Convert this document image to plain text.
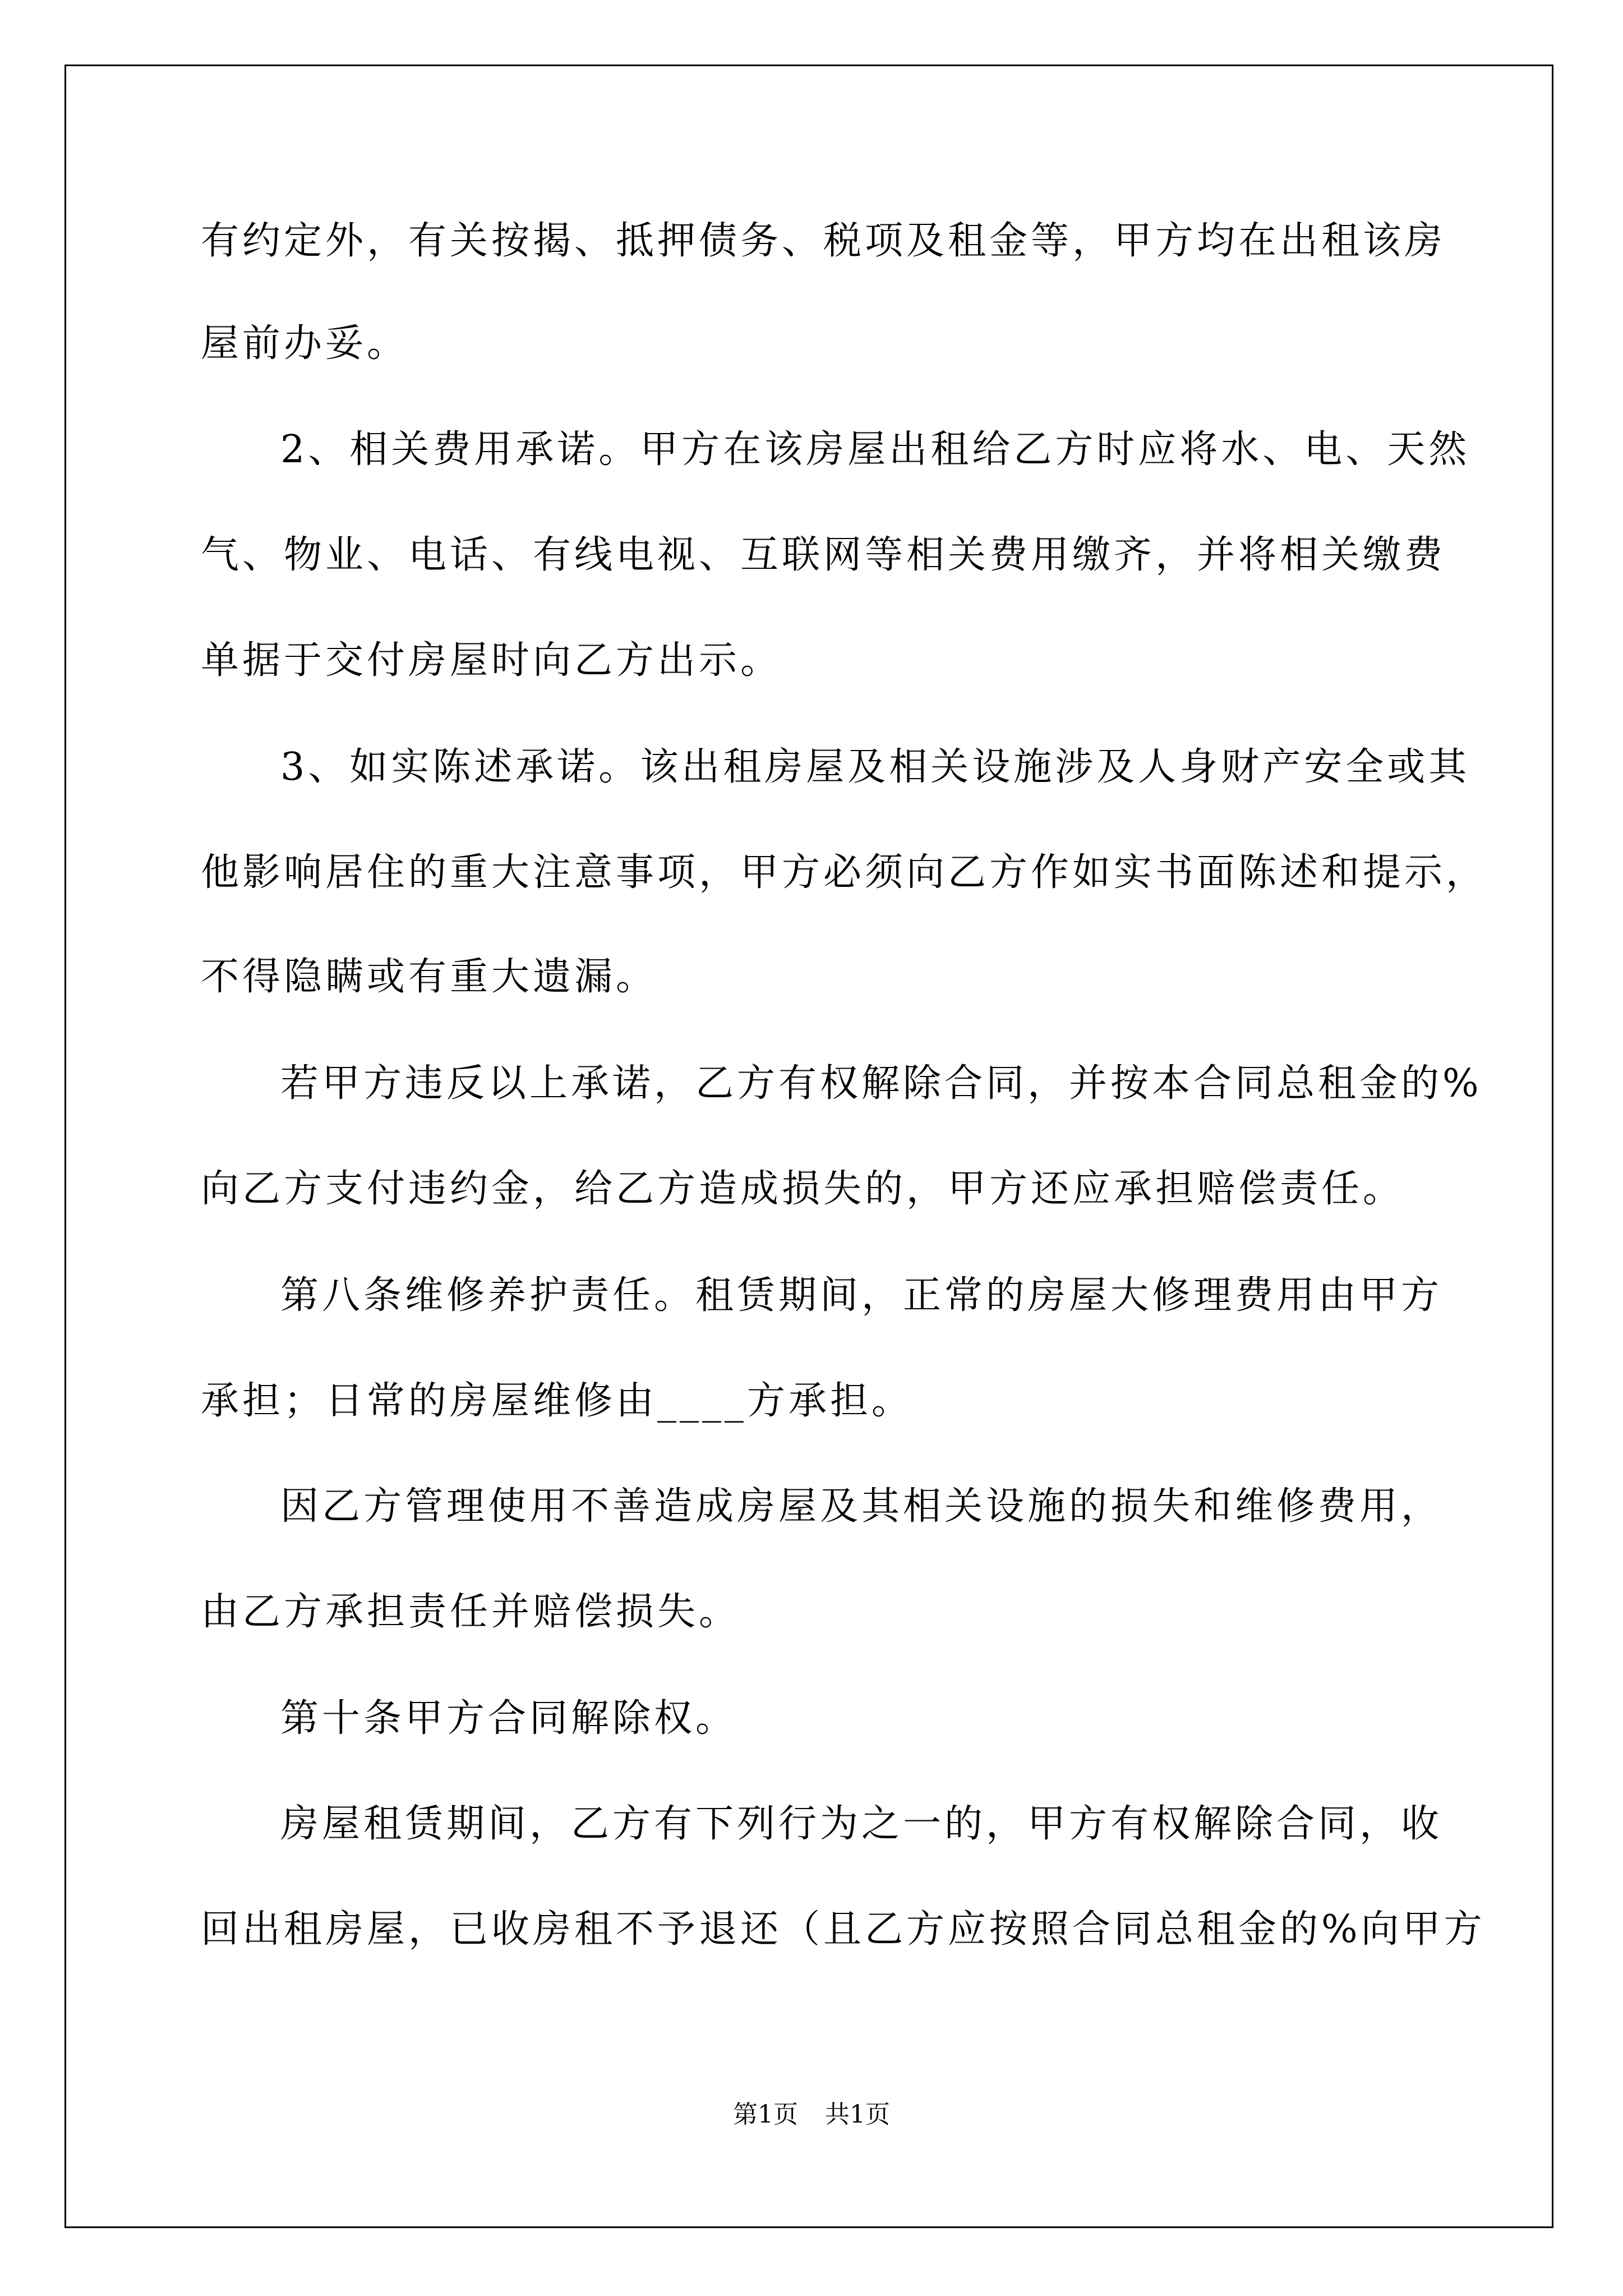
有约定外，有关按揭、抵押债务、税项及租金等，甲方均在出租该房
屋前办妥。
2、相关费用承诺。甲方在该房屋出租给乙方时应将水、电、天然
气、物业、电话、有线电视、互联网等相关费用缴齐，并将相关缴费
单据于交付房屋时向乙方出示。
3、如实陈述承诺。该出租房屋及相关设施涉及人身财产安全或其
他影响居住的重大注意事项，甲方必须向乙方作如实书面陈述和提示，
不得隐瞒或有重大遗漏。
若甲方违反以上承诺，乙方有权解除合同，并按本合同总租金的%
向乙方支付违约金，给乙方造成损失的，甲方还应承担赔偿责任。
第八条维修养护责任。租赁期间，正常的房屋大修理费用由甲方
承担；日常的房屋维修由____方承担。
因乙方管理使用不善造成房屋及其相关设施的损失和维修费用，
由乙方承担责任并赔偿损失。
第十条甲方合同解除权。
房屋租赁期间，乙方有下列行为之一的，甲方有权解除合同，收
回出租房屋，已收房租不予退还（且乙方应按照合同总租金的%向甲方
第1页 共1页
